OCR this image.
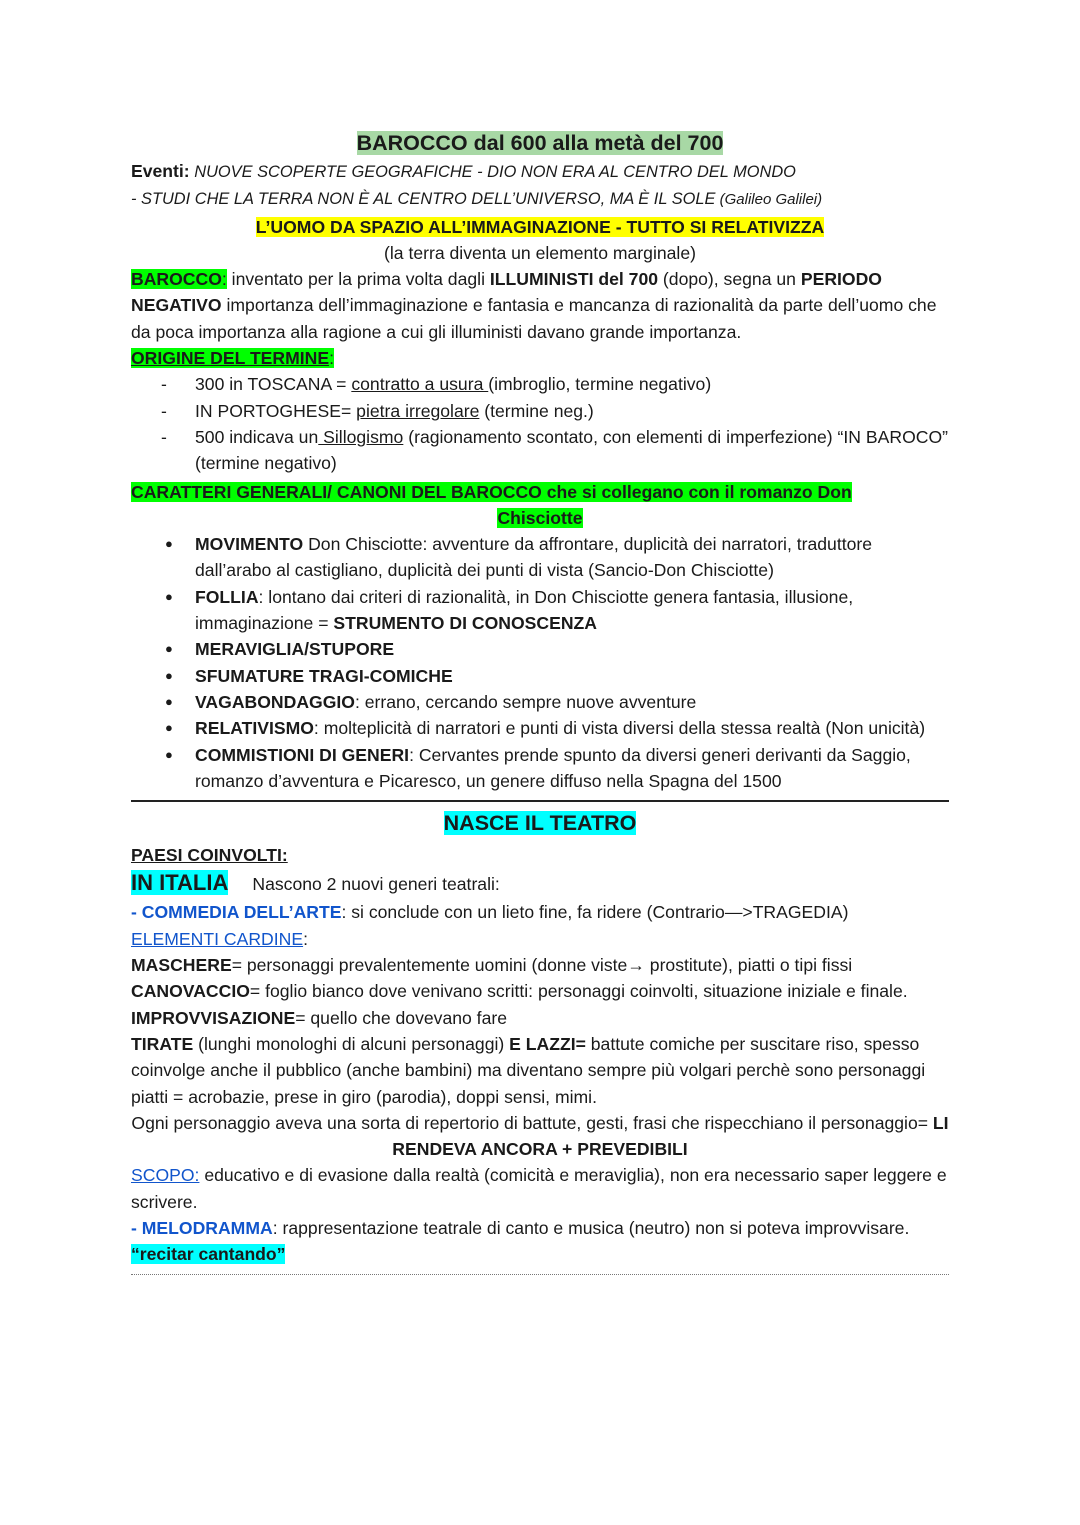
BAROCCO dal 600 alla metà del 700

Eventi: NUOVE SCOPERTE GEOGRAFICHE - DIO NON ERA AL CENTRO DEL MONDO

- STUDI CHE LA TERRA NON È AL CENTRO DELL’UNIVERSO, MA È IL SOLE (Galileo Galilei)

L’UOMO DA SPAZIO ALL’IMMAGINAZIONE - TUTTO SI RELATIVIZZA

(la terra diventa un elemento marginale)

BAROCCO: inventato per la prima volta dagli ILLUMINISTI del 700 (dopo), segna un PERIODO NEGATIVO importanza dell’immaginazione e fantasia e mancanza di razionalità da parte dell’uomo che da poca importanza alla ragione a cui gli illuministi davano grande importanza.

ORIGINE DEL TERMINE:

- 300 in TOSCANA = contratto a usura (imbroglio, termine negativo)
- IN PORTOGHESE= pietra irregolare (termine neg.)
- 500 indicava un Sillogismo (ragionamento scontato, con elementi di imperfezione) “IN BAROCO” (termine negativo)

CARATTERI GENERALI/ CANONI DEL BAROCCO che si collegano con il romanzo Don

Chisciotte

● MOVIMENTO Don Chisciotte: avventure da affrontare, duplicità dei narratori, traduttore dall’arabo al castigliano, duplicità dei punti di vista (Sancio-Don Chisciotte)
● FOLLIA: lontano dai criteri di razionalità, in Don Chisciotte genera fantasia, illusione, immaginazione = STRUMENTO DI CONOSCENZA
● MERAVIGLIA/STUPORE
● SFUMATURE TRAGI-COMICHE
● VAGABONDAGGIO: errano, cercando sempre nuove avventure
● RELATIVISMO: molteplicità di narratori e punti di vista diversi della stessa realtà (Non unicità)
● COMMISTIONI DI GENERI: Cervantes prende spunto da diversi generi derivanti da Saggio, romanzo d’avventura e Picaresco, un genere diffuso nella Spagna del 1500

NASCE IL TEATRO

PAESI COINVOLTI:

IN ITALIA Nascono 2 nuovi generi teatrali:

- COMMEDIA DELL’ARTE: si conclude con un lieto fine, fa ridere (Contrario—>TRAGEDIA)

ELEMENTI CARDINE:

MASCHERE= personaggi prevalentemente uomini (donne viste→ prostitute), piatti o tipi fissi

CANOVACCIO= foglio bianco dove venivano scritti: personaggi coinvolti, situazione iniziale e finale.

IMPROVVISAZIONE= quello che dovevano fare

TIRATE (lunghi monologhi di alcuni personaggi) E LAZZI= battute comiche per suscitare riso, spesso coinvolge anche il pubblico (anche bambini) ma diventano sempre più volgari perchè sono personaggi piatti = acrobazie, prese in giro (parodia), doppi sensi, mimi.

Ogni personaggio aveva una sorta di repertorio di battute, gesti, frasi che rispecchiano il personaggio= LI RENDEVA ANCORA + PREVEDIBILI

SCOPO: educativo e di evasione dalla realtà (comicità e meraviglia), non era necessario saper leggere e scrivere.

- MELODRAMMA: rappresentazione teatrale di canto e musica (neutro) non si poteva improvvisare. “recitar cantando”
